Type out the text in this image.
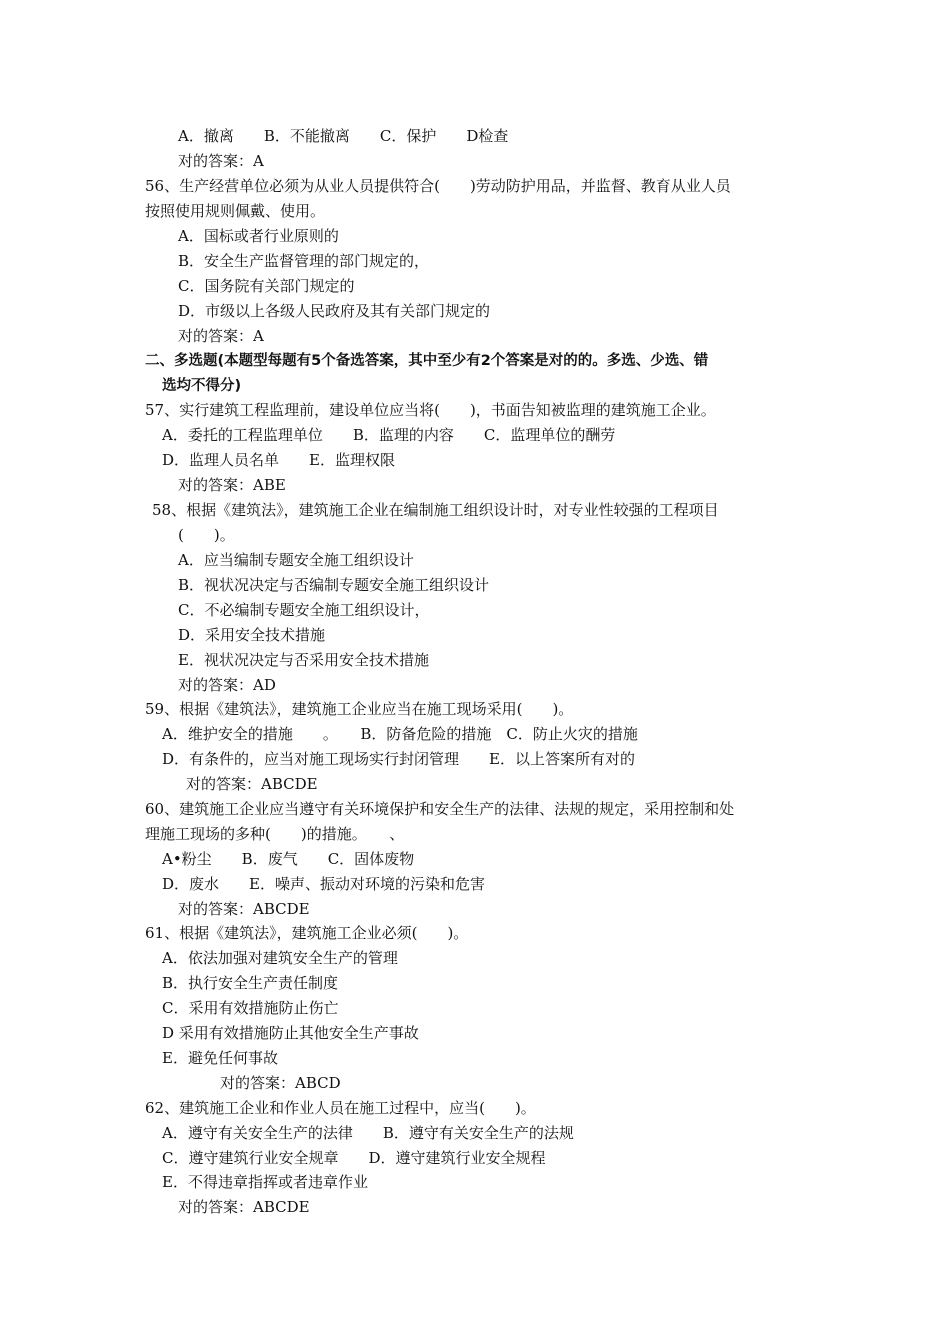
A．撤离　　B．不能撤离　　C．保护　　D检查
对的答案：A
56、生产经营单位必须为从业人员提供符合(　　)劳动防护用品，并监督、教育从业人员
按照使用规则佩戴、使用。
A．国标或者行业原则的
B．安全生产监督管理的部门规定的，
C．国务院有关部门规定的
D．市级以上各级人民政府及其有关部门规定的
对的答案：A
二、多选题(本题型每题有5个备选答案，其中至少有2个答案是对的的。多选、少选、错
选均不得分)
57、实行建筑工程监理前，建设单位应当将(　　)，书面告知被监理的建筑施工企业。
A．委托的工程监理单位　　B．监理的内容　　C．监理单位的酬劳
D．监理人员名单　　E．监理权限
对的答案：ABE
58、根据《建筑法》，建筑施工企业在编制施工组织设计时，对专业性较强的工程项目
(　　)。
A．应当编制专题安全施工组织设计
B．视状况决定与否编制专题安全施工组织设计
C．不必编制专题安全施工组织设计，
D．采用安全技术措施
E．视状况决定与否采用安全技术措施
对的答案：AD
59、根据《建筑法》，建筑施工企业应当在施工现场采用(　　)。
A．维护安全的措施　　。　　B．防备危险的措施　C．防止火灾的措施
D．有条件的，应当对施工现场实行封闭管理　　E．以上答案所有对的
对的答案：ABCDE
60、建筑施工企业应当遵守有关环境保护和安全生产的法律、法规的规定，采用控制和处
理施工现场的多种(　　)的措施。　　、
A•粉尘　　B．废气　　C．固体废物
D．废水　　E．噪声、振动对环境的污染和危害
对的答案：ABCDE
61、根据《建筑法》，建筑施工企业必须(　　)。
A．依法加强对建筑安全生产的管理
B．执行安全生产责任制度
C．采用有效措施防止伤亡
D 采用有效措施防止其他安全生产事故
E．避免任何事故
对的答案：ABCD
62、建筑施工企业和作业人员在施工过程中，应当(　　)。
A．遵守有关安全生产的法律　　B．遵守有关安全生产的法规
C．遵守建筑行业安全规章　　D．遵守建筑行业安全规程
E．不得违章指挥或者违章作业
对的答案：ABCDE
